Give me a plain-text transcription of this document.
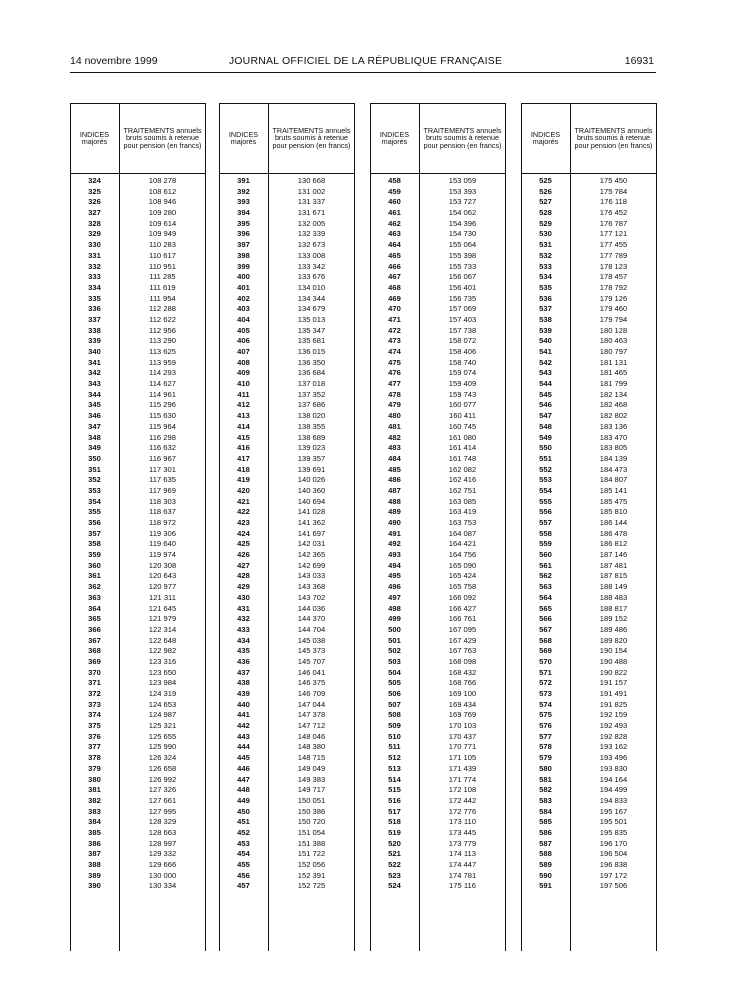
14 novembre 1999	JOURNAL OFFICIEL DE LA RÉPUBLIQUE FRANÇAISE	16931
INDICES majorés
TRAITEMENTS annuels bruts soumis à retenue pour pension (en francs)
324	108 278
325	108 612
326	108 946
327	109 280
328	109 614
329	109 949
330	110 283
331	110 617
332	110 951
333	111 285
334	111 619
335	111 954
336	112 288
337	112 622
338	112 956
339	113 290
340	113 625
341	113 959
342	114 293
343	114 627
344	114 961
345	115 296
346	115 630
347	115 964
348	116 298
349	116 632
350	116 967
351	117 301
352	117 635
353	117 969
354	118 303
355	118 637
356	118 972
357	119 306
358	119 640
359	119 974
360	120 308
361	120 643
362	120 977
363	121 311
364	121 645
365	121 979
366	122 314
367	122 648
368	122 982
369	123 316
370	123 650
371	123 984
372	124 319
373	124 653
374	124 987
375	125 321
376	125 655
377	125 990
378	126 324
379	126 658
380	126 992
381	127 326
382	127 661
383	127 995
384	128 329
385	128 663
386	128 997
387	129 332
388	129 666
389	130 000
390	130 334
INDICES majorés
TRAITEMENTS annuels bruts soumis à retenue pour pension (en francs)
391	130 668
392	131 002
393	131 337
394	131 671
395	132 005
396	132 339
397	132 673
398	133 008
399	133 342
400	133 676
401	134 010
402	134 344
403	134 679
404	135 013
405	135 347
406	135 681
407	136 015
408	136 350
409	136 684
410	137 018
411	137 352
412	137 686
413	138 020
414	138 355
415	138 689
416	139 023
417	139 357
418	139 691
419	140 026
420	140 360
421	140 694
422	141 028
423	141 362
424	141 697
425	142 031
426	142 365
427	142 699
428	143 033
429	143 368
430	143 702
431	144 036
432	144 370
433	144 704
434	145 038
435	145 373
436	145 707
437	146 041
438	146 375
439	146 709
440	147 044
441	147 378
442	147 712
443	148 046
444	148 380
445	148 715
446	149 049
447	149 383
448	149 717
449	150 051
450	150 386
451	150 720
452	151 054
453	151 388
454	151 722
455	152 056
456	152 391
457	152 725
INDICES majorés
TRAITEMENTS annuels bruts soumis à retenue pour pension (en francs)
458	153 059
459	153 393
460	153 727
461	154 062
462	154 396
463	154 730
464	155 064
465	155 398
466	155 733
467	156 067
468	156 401
469	156 735
470	157 069
471	157 403
472	157 738
473	158 072
474	158 406
475	158 740
476	159 074
477	159 409
478	159 743
479	160 077
480	160 411
481	160 745
482	161 080
483	161 414
484	161 748
485	162 082
486	162 416
487	162 751
488	163 085
489	163 419
490	163 753
491	164 087
492	164 421
493	164 756
494	165 090
495	165 424
496	165 758
497	166 092
498	166 427
499	166 761
500	167 095
501	167 429
502	167 763
503	168 098
504	168 432
505	168 766
506	169 100
507	169 434
508	169 769
509	170 103
510	170 437
511	170 771
512	171 105
513	171 439
514	171 774
515	172 108
516	172 442
517	172 776
518	173 110
519	173 445
520	173 779
521	174 113
522	174 447
523	174 781
524	175 116
INDICES majorés
TRAITEMENTS annuels bruts soumis à retenue pour pension (en francs)
525	175 450
526	175 784
527	176 118
528	176 452
529	176 787
530	177 121
531	177 455
532	177 789
533	178 123
534	178 457
535	178 792
536	179 126
537	179 460
538	179 794
539	180 128
540	180 463
541	180 797
542	181 131
543	181 465
544	181 799
545	182 134
546	182 468
547	182 802
548	183 136
549	183 470
550	183 805
551	184 139
552	184 473
553	184 807
554	185 141
555	185 475
556	185 810
557	186 144
558	186 478
559	186 812
560	187 146
561	187 481
562	187 815
563	188 149
564	188 483
565	188 817
566	189 152
567	189 486
568	189 820
569	190 154
570	190 488
571	190 822
572	191 157
573	191 491
574	191 825
575	192 159
576	192 493
577	192 828
578	193 162
579	193 496
580	193 830
581	194 164
582	194 499
583	194 833
584	195 167
585	195 501
586	195 835
587	196 170
588	196 504
589	196 838
590	197 172
591	197 506
